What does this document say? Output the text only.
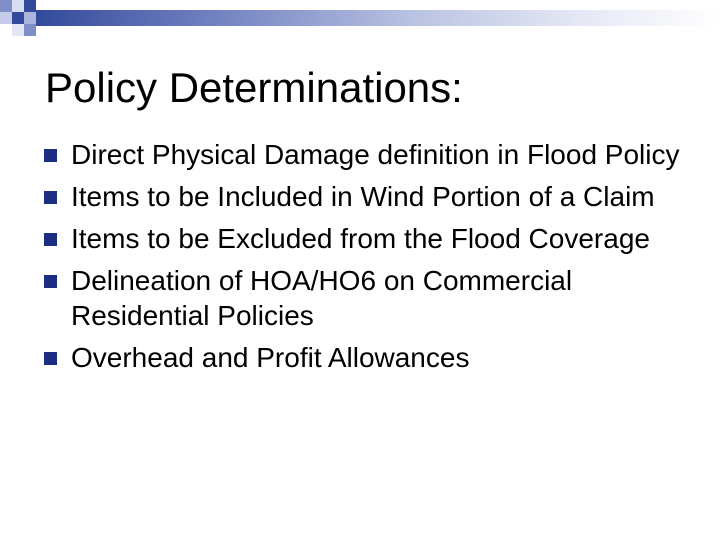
Policy Determinations:
Direct Physical Damage definition in Flood Policy
Items to be Included in Wind Portion of a Claim
Items to be Excluded from the Flood Coverage
Delineation of HOA/HO6 on Commercial Residential Policies
Overhead and Profit Allowances
